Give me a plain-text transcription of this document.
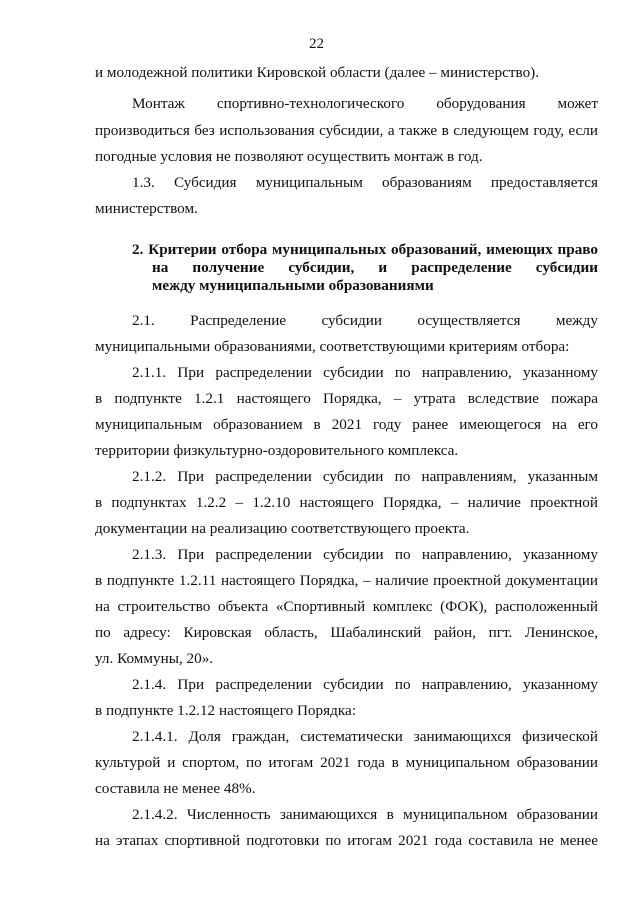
22
и молодежной политики Кировской области (далее – министерство).
Монтаж спортивно-технологического оборудования может
производиться без использования субсидии, а также в следующем году, если
погодные условия не позволяют осуществить монтаж в год.
1.3. Субсидия муниципальным образованиям предоставляется
министерством.
2. Критерии отбора муниципальных образований, имеющих право
на получение субсидии, и распределение субсидии
между муниципальными образованиями
2.1. Распределение субсидии осуществляется между
муниципальными образованиями, соответствующими критериям отбора:
2.1.1. При распределении субсидии по направлению, указанному
в подпункте 1.2.1 настоящего Порядка, – утрата вследствие пожара
муниципальным образованием в 2021 году ранее имеющегося на его
территории физкультурно-оздоровительного комплекса.
2.1.2. При распределении субсидии по направлениям, указанным
в подпунктах 1.2.2 – 1.2.10 настоящего Порядка, – наличие проектной
документации на реализацию соответствующего проекта.
2.1.3. При распределении субсидии по направлению, указанному
в подпункте 1.2.11 настоящего Порядка, – наличие проектной документации
на строительство объекта «Спортивный комплекс (ФОК), расположенный
по адресу: Кировская область, Шабалинский район, пгт. Ленинское,
ул. Коммуны, 20».
2.1.4. При распределении субсидии по направлению, указанному
в подпункте 1.2.12 настоящего Порядка:
2.1.4.1. Доля граждан, систематически занимающихся физической
культурой и спортом, по итогам 2021 года в муниципальном образовании
составила не менее 48%.
2.1.4.2. Численность занимающихся в муниципальном образовании
на этапах спортивной подготовки по итогам 2021 года составила не менее
